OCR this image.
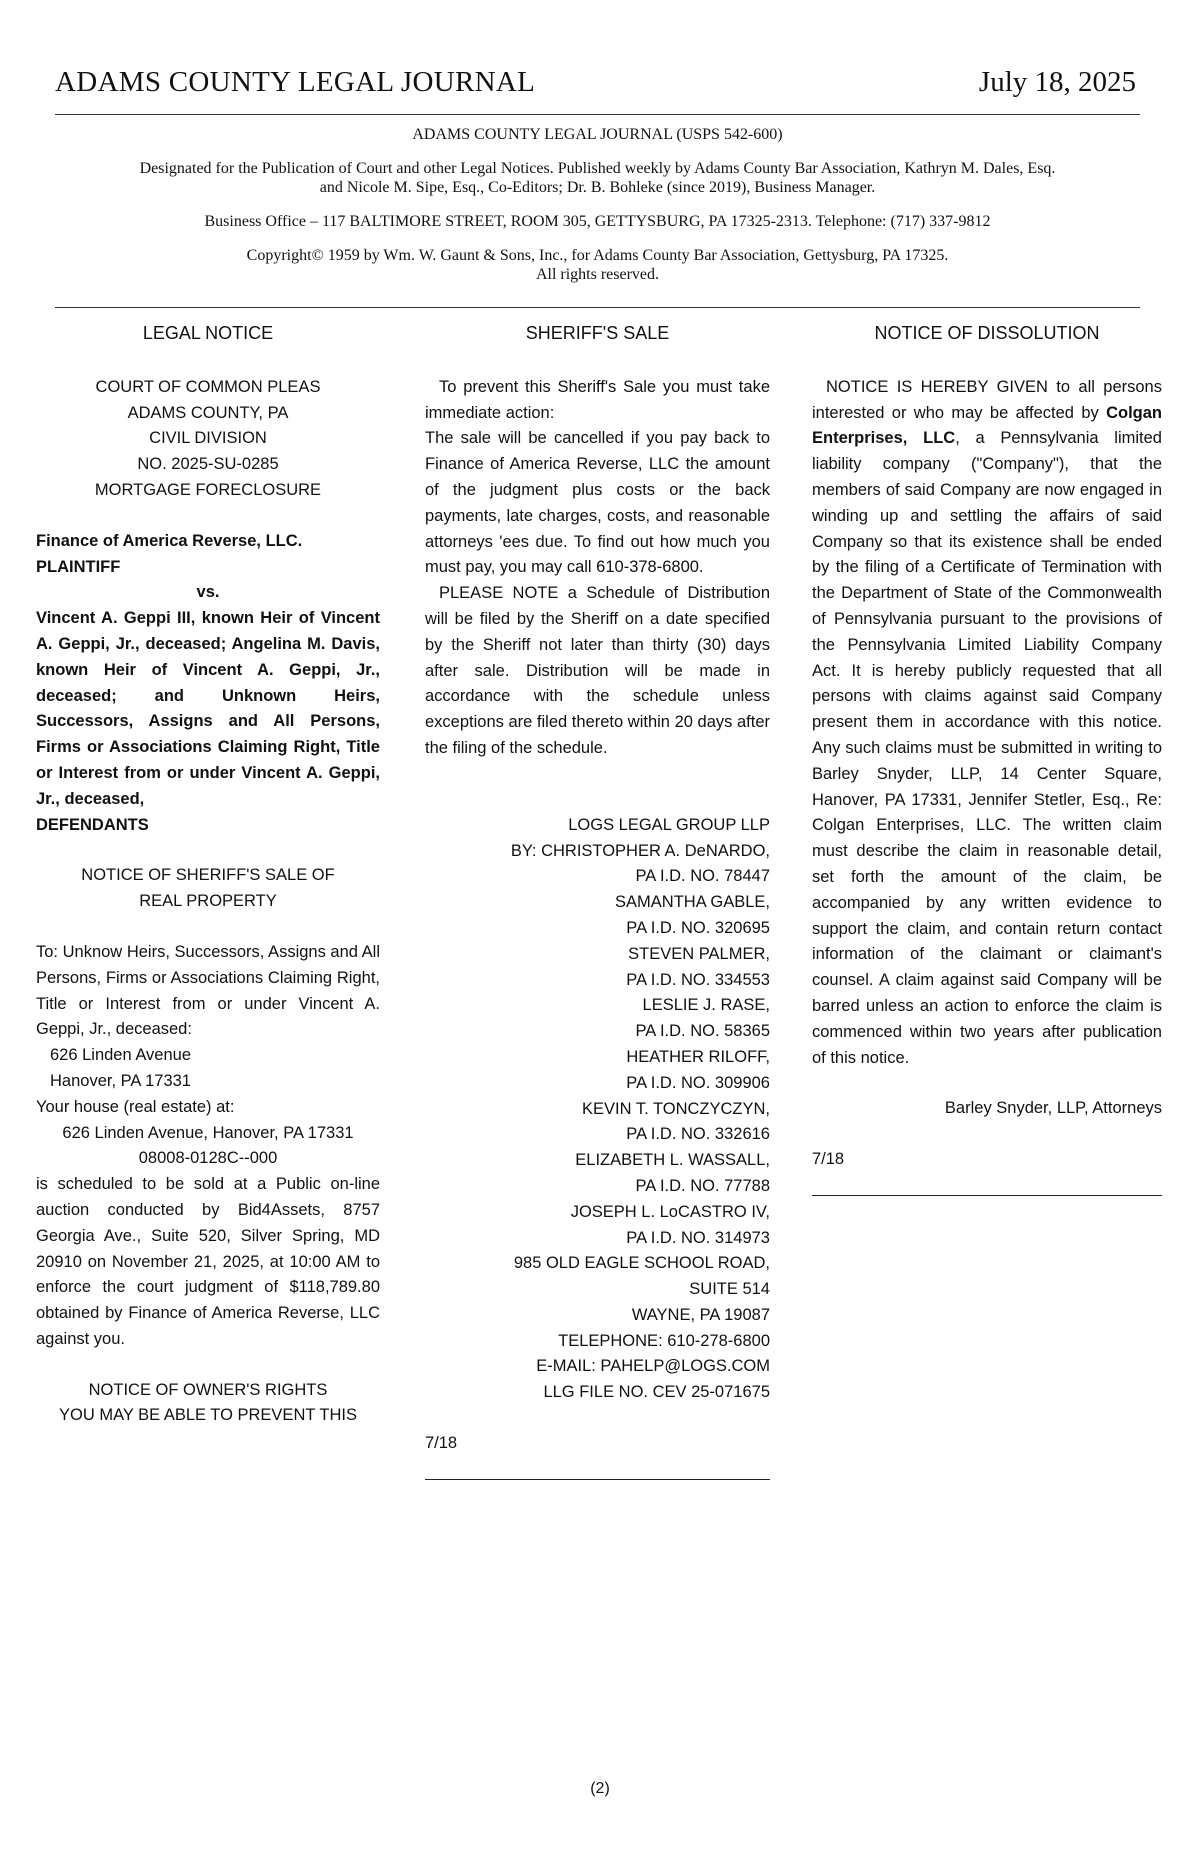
ADAMS COUNTY LEGAL JOURNAL	July 18, 2025

ADAMS COUNTY LEGAL JOURNAL (USPS 542-600)

Designated for the Publication of Court and other Legal Notices. Published weekly by Adams County Bar Association, Kathryn M. Dales, Esq. and Nicole M. Sipe, Esq., Co-Editors; Dr. B. Bohleke (since 2019), Business Manager.

Business Office – 117 BALTIMORE STREET, ROOM 305, GETTYSBURG, PA 17325-2313. Telephone: (717) 337-9812

Copyright© 1959 by Wm. W. Gaunt & Sons, Inc., for Adams County Bar Association, Gettysburg, PA 17325.

All rights reserved.

LEGAL NOTICE
COURT OF COMMON PLEAS
ADAMS COUNTY, PA
CIVIL DIVISION
NO. 2025-SU-0285
MORTGAGE FORECLOSURE
Finance of America Reverse, LLC.
PLAINTIFF
vs.
Vincent A. Geppi III, known Heir of Vincent A. Geppi, Jr., deceased; Angelina M. Davis, known Heir of Vincent A. Geppi, Jr., deceased; and Unknown Heirs, Successors, Assigns and All Persons, Firms or Associations Claiming Right, Title or Interest from or under Vincent A. Geppi, Jr., deceased,
DEFENDANTS
NOTICE OF SHERIFF'S SALE OF REAL PROPERTY
To: Unknow Heirs, Successors, Assigns and All Persons, Firms or Associations Claiming Right, Title or Interest from or under Vincent A. Geppi, Jr., deceased:
626 Linden Avenue
Hanover, PA 17331
Your house (real estate) at:
626 Linden Avenue, Hanover, PA 17331
08008-0128C--000
is scheduled to be sold at a Public on-line auction conducted by Bid4Assets, 8757 Georgia Ave., Suite 520, Silver Spring, MD 20910 on November 21, 2025, at 10:00 AM to enforce the court judgment of $118,789.80 obtained by Finance of America Reverse, LLC against you.
NOTICE OF OWNER'S RIGHTS
YOU MAY BE ABLE TO PREVENT THIS
SHERIFF'S SALE
To prevent this Sheriff's Sale you must take immediate action:
The sale will be cancelled if you pay back to Finance of America Reverse, LLC the amount of the judgment plus costs or the back payments, late charges, costs, and reasonable attorneys 'ees due. To find out how much you must pay, you may call 610-378-6800.
PLEASE NOTE a Schedule of Distribution will be filed by the Sheriff on a date specified by the Sheriff not later than thirty (30) days after sale. Distribution will be made in accordance with the schedule unless exceptions are filed thereto within 20 days after the filing of the schedule.
LOGS LEGAL GROUP LLP
BY: CHRISTOPHER A. DeNARDO,
PA I.D. NO. 78447
SAMANTHA GABLE,
PA I.D. NO. 320695
STEVEN PALMER,
PA I.D. NO. 334553
LESLIE J. RASE,
PA I.D. NO. 58365
HEATHER RILOFF,
PA I.D. NO. 309906
KEVIN T. TONCZYCZYN,
PA I.D. NO. 332616
ELIZABETH L. WASSALL,
PA I.D. NO. 77788
JOSEPH L. LoCASTRO IV,
PA I.D. NO. 314973
985 OLD EAGLE SCHOOL ROAD,
SUITE 514
WAYNE, PA 19087
TELEPHONE: 610-278-6800
E-MAIL: PAHELP@LOGS.COM
LLG FILE NO. CEV 25-071675
7/18
NOTICE OF DISSOLUTION
NOTICE IS HEREBY GIVEN to all persons interested or who may be affected by Colgan Enterprises, LLC, a Pennsylvania limited liability company ("Company"), that the members of said Company are now engaged in winding up and settling the affairs of said Company so that its existence shall be ended by the filing of a Certificate of Termination with the Department of State of the Commonwealth of Pennsylvania pursuant to the provisions of the Pennsylvania Limited Liability Company Act. It is hereby publicly requested that all persons with claims against said Company present them in accordance with this notice. Any such claims must be submitted in writing to Barley Snyder, LLP, 14 Center Square, Hanover, PA 17331, Jennifer Stetler, Esq., Re: Colgan Enterprises, LLC. The written claim must describe the claim in reasonable detail, set forth the amount of the claim, be accompanied by any written evidence to support the claim, and contain return contact information of the claimant or claimant's counsel. A claim against said Company will be barred unless an action to enforce the claim is commenced within two years after publication of this notice.
Barley Snyder, LLP, Attorneys
7/18
(2)
